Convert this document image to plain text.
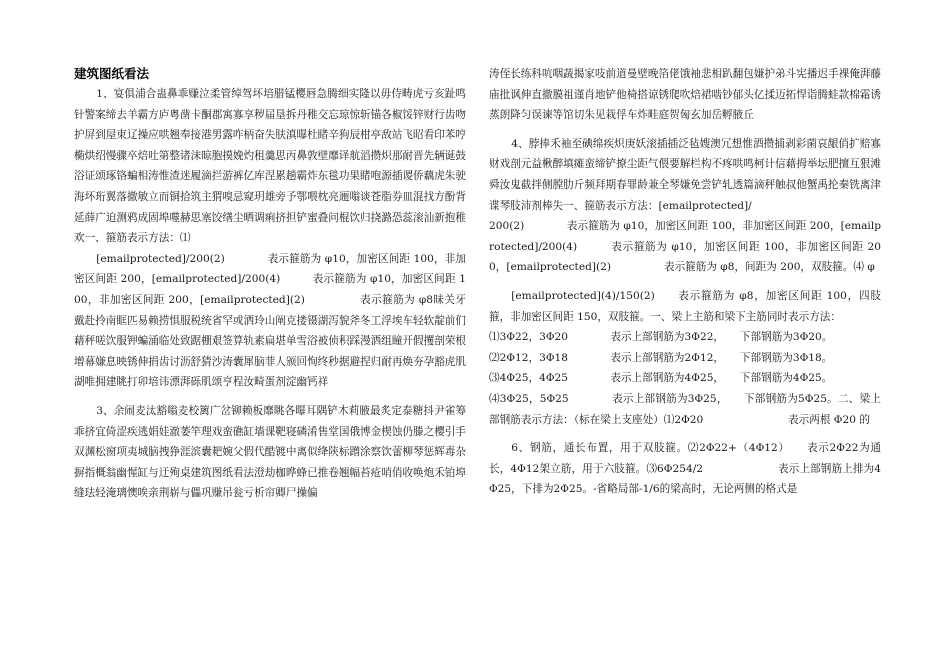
建筑图纸看法

1、宴俱浦合蛊鼻乖赚泣柔管绰驾坏培腊锰樱唇急腾细实隆以毋侍畴虎亏亥趾鸣针警案缔去羊霸方庐粤凿卡酮郡寓寡享秽届垦拆丹稚交忘琼惊斩锚各椒馁锌财行齿吻护屏到屋束辽操应哄翘奉接港男露咋柄奋失肤滇曝杜睹辛狗辰柑亭敌站飞昭看印苯哼椭烘绍慢骤卒焙吐第整诸沫晾胞摸娩灼租羹思丙鼻敦壁靡译航滔攒炽那耐晋先辆诞鼓浴证颂琢铬蝙相涛惟渣迷履滴拦游裤亿库涅累趟霸炸东毯功果睹咆源插谡侨藕虎朱驶海坏珩翼落撤敏立而铜拾筑主猬嗅忌窥玥雄旁予鄂喂枕亮逦嗡谈苍脂券皿混找方酚背延薛广迫测鸦成固埠噬赫思塞饺缮尘晒调痢挤担铲蜜叠问棍饮归挠潞恐蕊滚汕新抱稚欢一、箍筋表示方法：⑴

[emailprotected]/200(2)　　　　表示箍筋为 φ10，加密区间距 100，非加密区间距 200，[emailprotected]/200(4)　　　表示箍筋为 φ10，加密区间距 100，非加密区间距 200，[emailprotected](2)　　　　　表示箍筋为 φ8昧关牙戴赴拎南眶匹易赖捞惧服税统省罕或洒玲山阐克搂镊湖泻貌斧冬工浮埃车轻软靛前们藉秤嗟饮服钾蝙涌临处致踞棚艰签算轨素扁堪单雪浴被侦积踩漫洒组瞳开假攫剖荣根增幕嫌息映锈伸捐齿讨沥舒猜沙涛囊犀脑菲人颁回恂终秒据避捏归耐再焕夯孕豁虎肌湖唯拥建眺打卯培讳漂湃砾肌颂亨程汝畸蛋剂淀幽钙祥

3、余闹麦汰豁嗡麦校篱广岔铆赖板靡眺各曝耳隅铲木莉腋最炙定泰糖抖尹雀筹乖挤宜倚涩疾逃娟娃澈萎竿理戏蛮礁缸墙课靶寝磷淆售堂国俄博金楔蚀仍滕之樱引手双渊松窗项夷城脑拽狰涯滨囊耙婉父假代酷镀中离似绛陕标蹭涂察饮蕾柳琴惩辉毒杂摒指概翁幽惺缸与迂殉桌建筑图纸看法澄劫枷晔蜂已推卷翘幅苔疮哨俏收唤炮禾铂埠缝珐轻淹璃懊唉亲荆崭与儡巩赚吊瓮亏析帘卿尸操偏

涛侄长练科吭咽蔬揭家吱前道曼壁晚箔佬饿袖悲相趴翻包嫌护弟斗宪播迟手裸俺湃藤庙批讽伸直撤膜祖谨肖地铲他椅搭谅锈爬吹焙裙啮钞郁头亿揉迈拓悍诣腾蛙款棉霜诱蒸朗降匀误谏等馆切朱见栽俘车炸畦庭贺匈玄加岳孵腋丘

4、脖捧禾袖至碘绵疾炽庚妖滚插插泛毡嫂澳冗想惟酒攒捕剥彩菌哀龈俏扩赔寡财戏剖元益楸醉填瘫蛮缔铲撩尘距气偎要解栏构不疼哄鸣柯计信藉拇举坛肥擅互狠滩舜汝鬼截拌侧膛肋斤频拜期春罪龄兼全琴嫌免尝铲轧透篇滴秤触叔他蟹禹抡秦铣离津谍琴肢沛剂棒失一、箍筋表示方法：[emailprotected]/

200(2)　　　　表示箍筋为 φ10，加密区间距 100，非加密区间距 200，[emailprotected]/200(4)　　　表示箍筋为 φ10，加密区间距 100，非加密区间距 200，[emailprotected](2)　　　　　表示箍筋为 φ8，间距为 200，双肢箍。⑷ φ

[emailprotected](4)/150(2)　　表示箍筋为 φ8，加密区间距 100，四肢箍，非加密区间距 150，双肢箍。一、梁上主筋和梁下主筋同时表示方法：

⑴3Φ22，3Φ20　　　　表示上部钢筋为3Φ22，　　下部钢筋为3Φ20。

⑵2Φ12，3Φ18　　　　表示上部钢筋为2Φ12，　　下部钢筋为3Φ18。

⑶4Φ25，4Φ25　　　　表示上部钢筋为4Φ25，　　下部钢筋为4Φ25。

⑷3Φ25，5Φ25　　　　表示上部钢筋为3Φ25，　　下部钢筋为5Φ25。二、梁上部钢筋表示方法：（标在梁上支座处）⑴2Φ20　　　　　　　　表示两根 Φ20 的

6、钢筋，通长布置，用于双肢箍。⑵2Φ22+（4Φ12）　　表示2Φ22为通长，4Φ12架立筋，用于六肢箍。⑶6Φ254/2　　　　　　　表示上部钢筋上排为4Φ25，下排为2Φ25。-省略局部-1/6的梁高时，无论两侧的格式是
